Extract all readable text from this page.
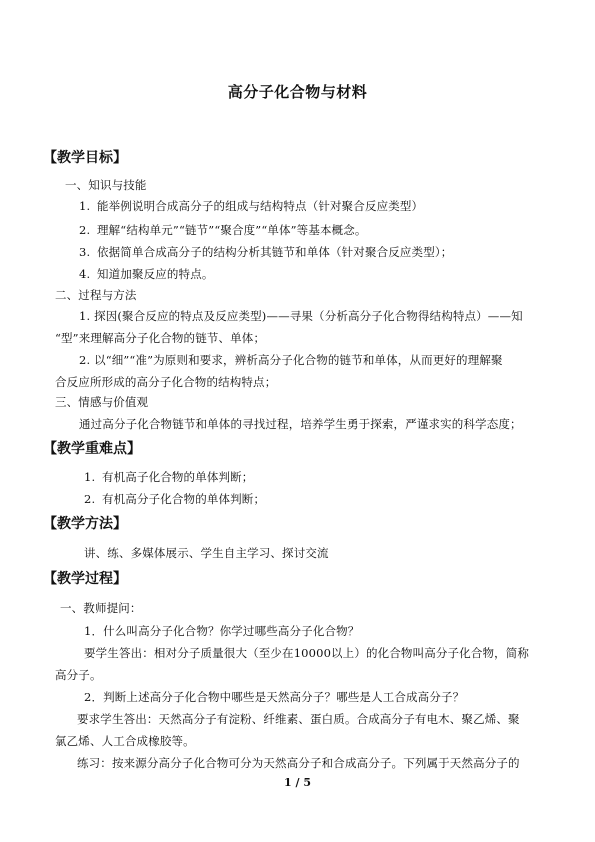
高分子化合物与材料
【教学目标】
一、知识与技能
1. 能举例说明合成高分子的组成与结构特点（针对聚合反应类型）
2. 理解“结构单元”“链节”“聚合度”“单体”等基本概念。
3. 依据简单合成高分子的结构分析其链节和单体（针对聚合反应类型）；
4. 知道加聚反应的特点。
二、过程与方法
1. 探因(聚合反应的特点及反应类型)——寻果（分析高分子化合物得结构特点）——知
“型”来理解高分子化合物的链节、单体；
2. 以“细”“准”为原则和要求，辨析高分子化合物的链节和单体，从而更好的理解聚
合反应所形成的高分子化合物的结构特点；
三、情感与价值观
通过高分子化合物链节和单体的寻找过程，培养学生勇于探索，严谨求实的科学态度；
【教学重难点】
1. 有机高子化合物的单体判断；
2. 有机高分子化合物的单体判断；
【教学方法】
讲、练、多媒体展示、学生自主学习、探讨交流
【教学过程】
一、教师提问：
1．什么叫高分子化合物？你学过哪些高分子化合物？
要学生答出：相对分子质量很大（至少在10000以上）的化合物叫高分子化合物，简称
高分子。
2．判断上述高分子化合物中哪些是天然高分子？哪些是人工合成高分子？
要求学生答出：天然高分子有淀粉、纤维素、蛋白质。合成高分子有电木、聚乙烯、聚
氯乙烯、人工合成橡胶等。
练习：按来源分高分子化合物可分为天然高分子和合成高分子。下列属于天然高分子的
1 / 5
